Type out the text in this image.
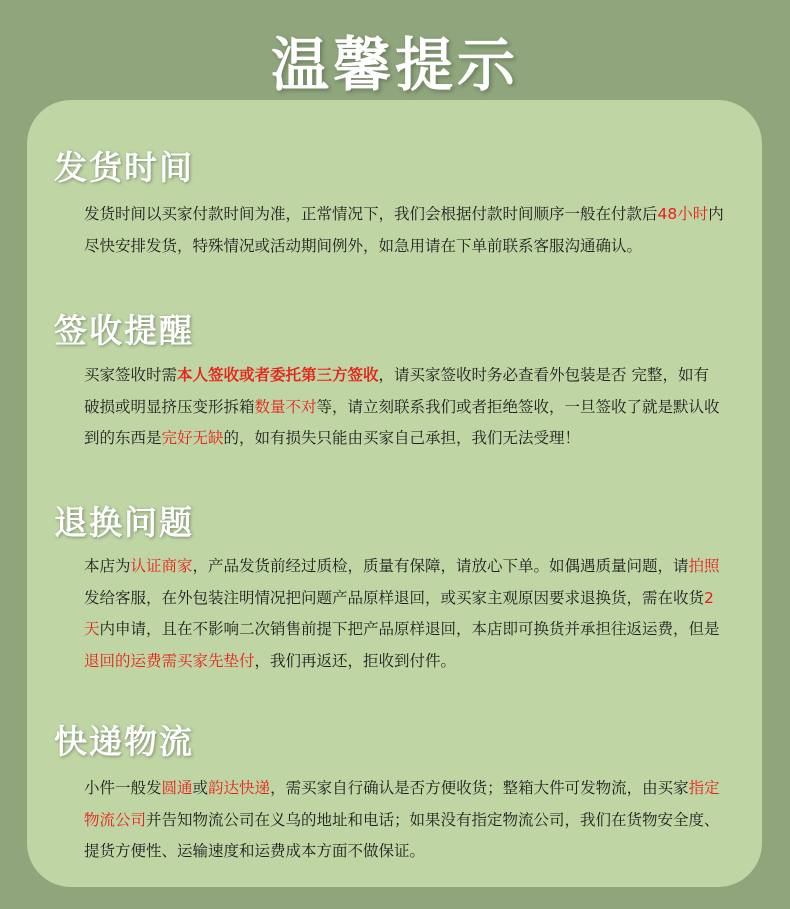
温馨提示
发货时间
发货时间以买家付款时间为准，正常情况下，我们会根据付款时间顺序一般在付款后48小时内尽快安排发货，特殊情况或活动期间例外，如急用请在下单前联系客服沟通确认。
签收提醒
买家签收时需本人签收或者委托第三方签收，请买家签收时务必查看外包装是否 完整，如有破损或明显挤压变形拆箱数量不对等，请立刻联系我们或者拒绝签收，一旦签收了就是默认收到的东西是完好无缺的，如有损失只能由买家自己承担，我们无法受理！
退换问题
本店为认证商家，产品发货前经过质检，质量有保障，请放心下单。如偶遇质量问题，请拍照发给客服，在外包装注明情况把问题产品原样退回，或买家主观原因要求退换货，需在收货2天内申请，且在不影响二次销售前提下把产品原样退回，本店即可换货并承担往返运费，但是退回的运费需买家先垫付，我们再返还，拒收到付件。
快递物流
小件一般发圆通或韵达快递，需买家自行确认是否方便收货；整箱大件可发物流，由买家指定物流公司并告知物流公司在义乌的地址和电话；如果没有指定物流公司，我们在货物安全度、提货方便性、运输速度和运费成本方面不做保证。
